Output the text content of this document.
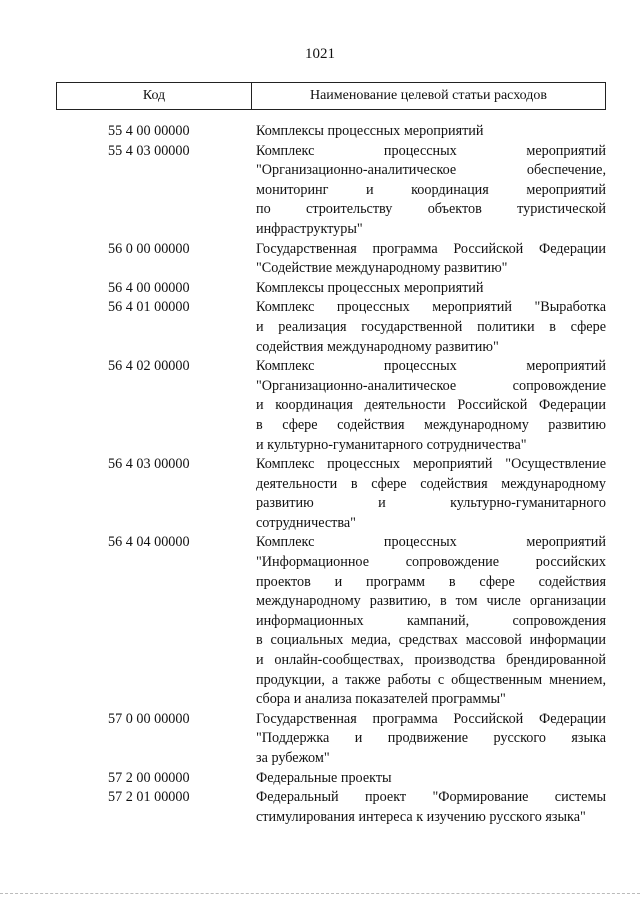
1021
Код	Наименование целевой статьи расходов
55 4 00 00000	Комплексы процессных мероприятий
55 4 03 00000	Комплекс процессных мероприятий
"Организационно-аналитическое обеспечение,
мониторинг и координация мероприятий
по строительству объектов туристической
инфраструктуры"
56 0 00 00000	Государственная программа Российской Федерации
"Содействие международному развитию"
56 4 00 00000	Комплексы процессных мероприятий
56 4 01 00000	Комплекс процессных мероприятий "Выработка
и реализация государственной политики в сфере
содействия международному развитию"
56 4 02 00000	Комплекс процессных мероприятий
"Организационно-аналитическое сопровождение
и координация деятельности Российской Федерации
в сфере содействия международному развитию
и культурно-гуманитарного сотрудничества"
56 4 03 00000	Комплекс процессных мероприятий "Осуществление
деятельности в сфере содействия международному
развитию и культурно-гуманитарного
сотрудничества"
56 4 04 00000	Комплекс процессных мероприятий
"Информационное сопровождение российских
проектов и программ в сфере содействия
международному развитию, в том числе организации
информационных кампаний, сопровождения
в социальных медиа, средствах массовой информации
и онлайн-сообществах, производства брендированной
продукции, а также работы с общественным мнением,
сбора и анализа показателей программы"
57 0 00 00000	Государственная программа Российской Федерации
"Поддержка и продвижение русского языка
за рубежом"
57 2 00 00000	Федеральные проекты
57 2 01 00000	Федеральный проект "Формирование системы
стимулирования интереса к изучению русского языка"
